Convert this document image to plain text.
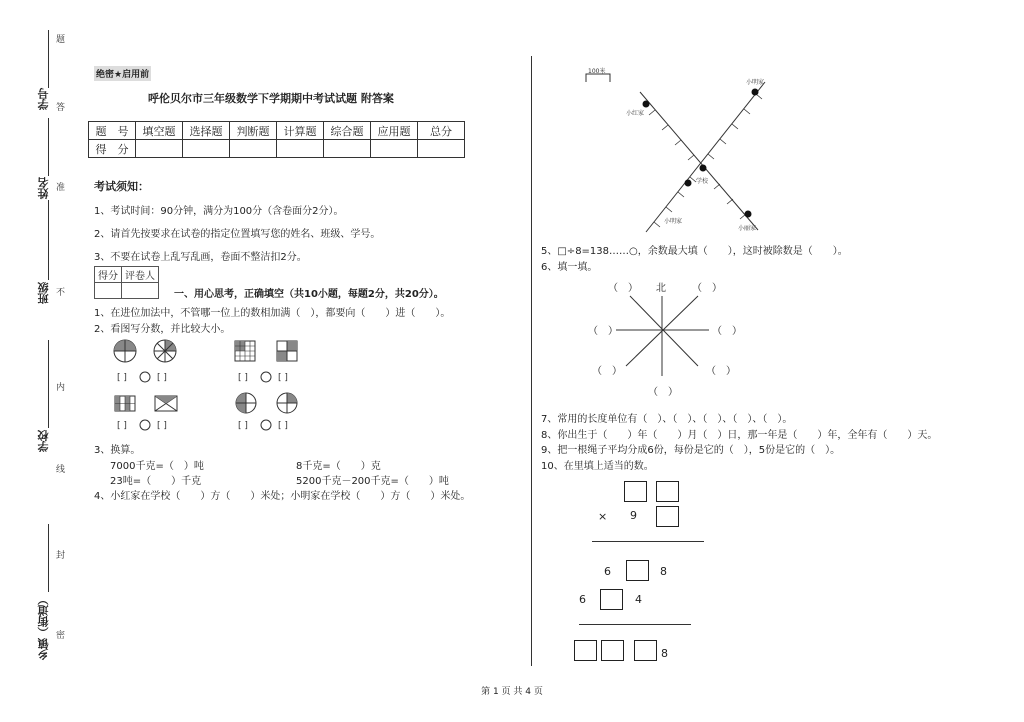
题
学号 答
姓名 准
班级 不
内
学校
线
封
乡镇（街道） 密
绝密★启用前
呼伦贝尔市三年级数学下学期期中考试试题 附答案
题　号	填空题	选择题	判断题	计算题	综合题	应用题	总分
得　分							
考试须知：
1、考试时间：90分钟，满分为100分（含卷面分2分）。
2、请首先按要求在试卷的指定位置填写您的姓名、班级、学号。
3、不要在试卷上乱写乱画，卷面不整洁扣2分。
得分	评卷人

一、用心思考，正确填空（共10小题，每题2分，共20分）。
1、在进位加法中，不管哪一位上的数相加满（　），都要向（　　）进（　　）。
2、看图写分数，并比较大小。
[ ]	[ ]	[ ]	[ ]
[ ]	[ ]	[ ]	[ ]
3、换算。
7000千克=（　）吨	8千克=（　　）克
23吨=（　　）千克	5200千克－200千克=（　　）吨
4、小红家在学校（　　）方（　　）米处；小明家在学校（　　）方（　　）米处。
100米
小明家
小红家
学校
小明家
小丽家
5、□÷8=138……○，余数最大填（　　），这时被除数是（　　）。
6、填一填。
北
（　）	（　）
（　）	（　）
（　）	（　）
（　）
7、常用的长度单位有（　）、（　）、（　）、（　）、（　）。
8、你出生于（　　）年（　　）月（　）日，那一年是（　　）年，全年有（　　）天。
9、把一根绳子平均分成6份，每份是它的（　），5份是它的（　）。
10、在里填上适当的数。
× 9
6	8
6	4
8
第 1 页 共 4 页
